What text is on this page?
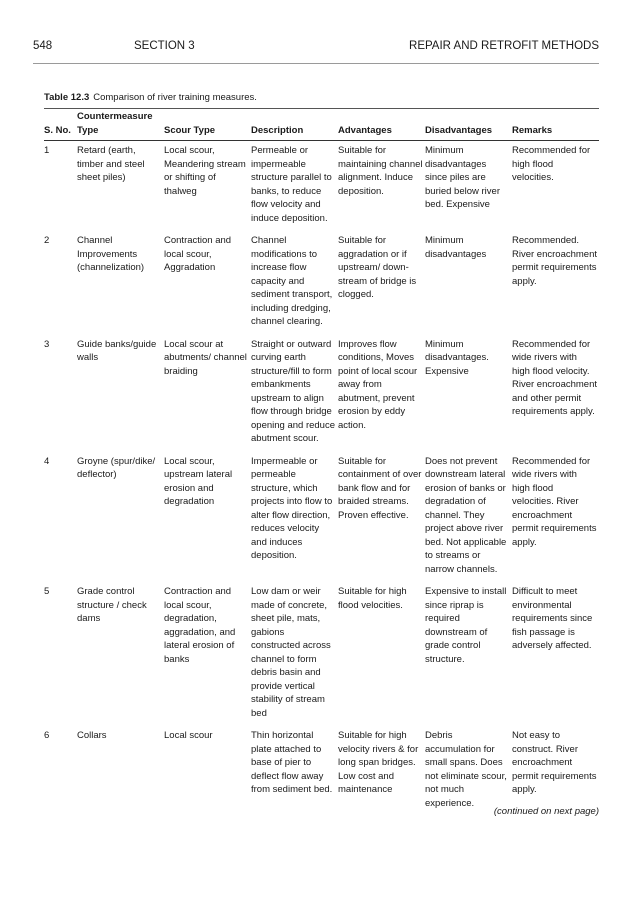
548	SECTION 3	REPAIR AND RETROFIT METHODS
Table 12.3 Comparison of river training measures.
S. No.	Countermeasure Type	Scour Type	Description	Advantages	Disadvantages	Remarks
1	Retard (earth, timber and steel sheet piles)	Local scour, Meandering stream or shifting of thalweg	Permeable or impermeable structure parallel to banks, to reduce flow velocity and induce deposition.	Suitable for maintaining channel alignment. Induce deposition.	Minimum disadvantages since piles are buried below river bed. Expensive	Recommended for high flood velocities.
2	Channel Improvements (channelization)	Contraction and local scour, Aggradation	Channel modifications to increase flow capacity and sediment transport, including dredging, channel clearing.	Suitable for aggradation or if upstream/ down-stream of bridge is clogged.	Minimum disadvantages	Recommended. River encroachment permit requirements apply.
3	Guide banks/guide walls	Local scour at abutments/ channel braiding	Straight or outward curving earth structure/fill to form embankments upstream to align flow through bridge opening and reduce abutment scour.	Improves flow conditions, Moves point of local scour away from abutment, prevent erosion by eddy action.	Minimum disadvantages. Expensive	Recommended for wide rivers with high flood velocity. River encroachment and other permit requirements apply.
4	Groyne (spur/dike/ deflector)	Local scour, upstream lateral erosion and degradation	Impermeable or permeable structure, which projects into flow to alter flow direction, reduces velocity and induces deposition.	Suitable for containment of over bank flow and for braided streams. Proven effective.	Does not prevent downstream lateral erosion of banks or degradation of channel. They project above river bed. Not applicable to streams or narrow channels.	Recommended for wide rivers with high flood velocities. River encroachment permit requirements apply.
5	Grade control structure / check dams	Contraction and local scour, degradation, aggradation, and lateral erosion of banks	Low dam or weir made of concrete, sheet pile, mats, gabions constructed across channel to form debris basin and provide vertical stability of stream bed	Suitable for high flood velocities.	Expensive to install since riprap is required downstream of grade control structure.	Difficult to meet environmental requirements since fish passage is adversely affected.
6	Collars	Local scour	Thin horizontal plate attached to base of pier to deflect flow away from sediment bed.	Suitable for high velocity rivers & for long span bridges. Low cost and maintenance	Debris accumulation for small spans. Does not eliminate scour, not much experience.	Not easy to construct. River encroachment permit requirements apply.
(continued on next page)
